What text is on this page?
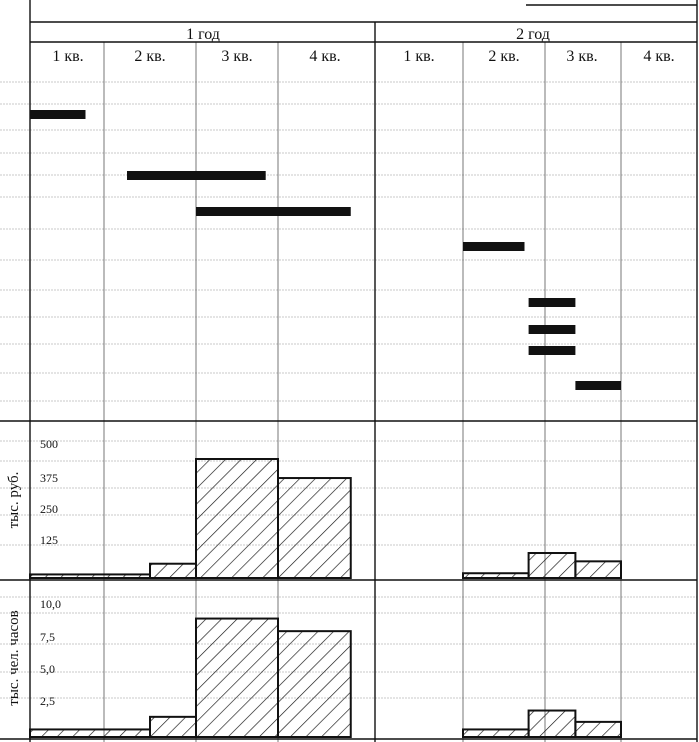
1 год	2 год
1 кв.	2 кв.	3 кв.	4 кв.	1 кв.	2 кв.	3 кв.	4 кв.
тыс. руб.
500
375
250
125
тыс. чел. часов
10,0
7,5
5,0
2,5
